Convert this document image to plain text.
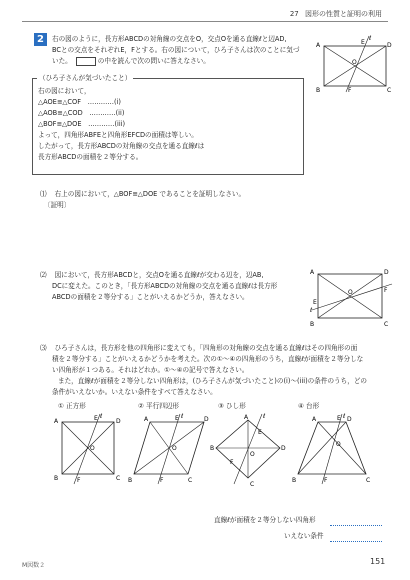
27 図形の性質と証明の利用
2	右の図のように，長方形ABCDの対角線の交点をO，交点Oを通る直線ℓと辺AD,
BCとの交点をそれぞれE，Fとする。右の図について，ひろ子さんは次のことに気づ
いた。	の中を読んで次の問いに答えなさい。
A	D
B	C
E
F
O
ℓ
（ひろ子さんが気づいたこと）
右の図において，
△AOE≡△COF　…………(i)
△AOB≡△COD　…………(ii)
△BOF≡△DOE　…………(iii)
よって，四角形ABFEと四角形EFCDの面積は等しい。
したがって，長方形ABCDの対角線の交点を通る直線ℓは
長方形ABCDの面積を２等分する。
⑴ 右上の図において，△BOF≡△DOE であることを証明しなさい。
〔証明〕
⑵ 図において，長方形ABCDと，交点Oを通る直線ℓが交わる辺を，辺AB,
DCに変えた。このとき，「長方形ABCDの対角線の交点を通る直線ℓは長方形
ABCDの面積を２等分する」ことがいえるかどうか，答えなさい。
A	D
B	C
E
F
O
ℓ
⑶ ひろ子さんは，長方形を他の四角形に変えても，「四角形の対角線の交点を通る直線ℓはその四角形の面
積を２等分する」ことがいえるかどうかを考えた。次の①～④の四角形のうち，直線ℓが面積を２等分しな
い四角形が１つある。それはどれか。①～④の記号で答えなさい。
また，直線ℓが面積を２等分しない四角形は，(ひろ子さんが気づいたこと)の(i)～(iii)の条件のうち，どの
条件がいえないか。いえない条件をすべて答えなさい。
① 正方形	② 平行四辺形	③ ひし形	④ 台形
A	D
B	C
E
F
O
ℓ	A	D
B	C
E
F
O
ℓ	A
D
B
C
E
F
O
ℓ	A	D
B	C
E
F
O
ℓ
直線ℓが面積を２等分しない四角形
いえない条件
M図数２	151
